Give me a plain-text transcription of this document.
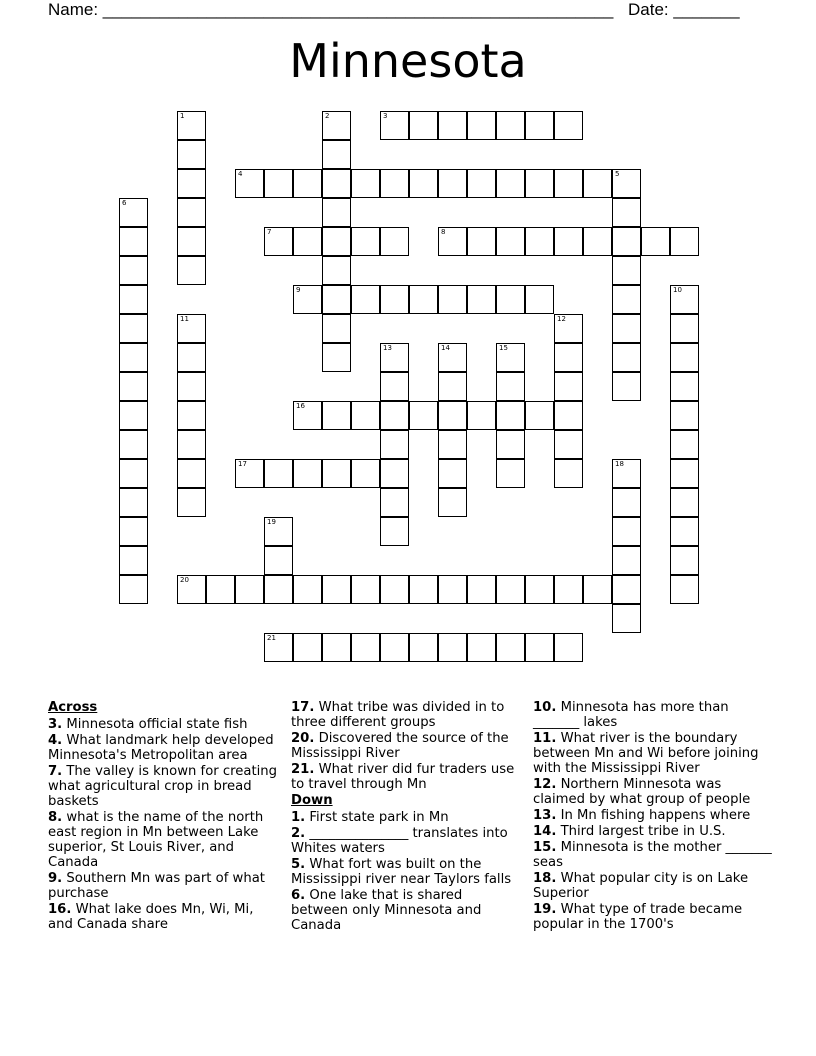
Name: ______________________________________________________ Date: _______
Minnesota
1	2	3
4	5
6
7	8
9	10
11	12
13	14	15
16
17	18
19
20
21
Across
3. Minnesota official state fish
4. What landmark help developed Minnesota's Metropolitan area
7. The valley is known for creating what agricultural crop in bread baskets
8. what is the name of the north east region in Mn between Lake superior, St Louis River, and Canada
9. Southern Mn was part of what purchase
16. What lake does Mn, Wi, Mi, and Canada share
17. What tribe was divided in to three different groups
20. Discovered the source of the Mississippi River
21. What river did fur traders use to travel through Mn
Down
1. First state park in Mn
2. _______________ translates into Whites waters
5. What fort was built on the Mississippi river near Taylors falls
6. One lake that is shared between only Minnesota and Canada
10. Minnesota has more than _______ lakes
11. What river is the boundary between Mn and Wi before joining with the Mississippi River
12. Northern Minnesota was claimed by what group of people
13. In Mn fishing happens where
14. Third largest tribe in U.S.
15. Minnesota is the mother _______ seas
18. What popular city is on Lake Superior
19. What type of trade became popular in the 1700's
